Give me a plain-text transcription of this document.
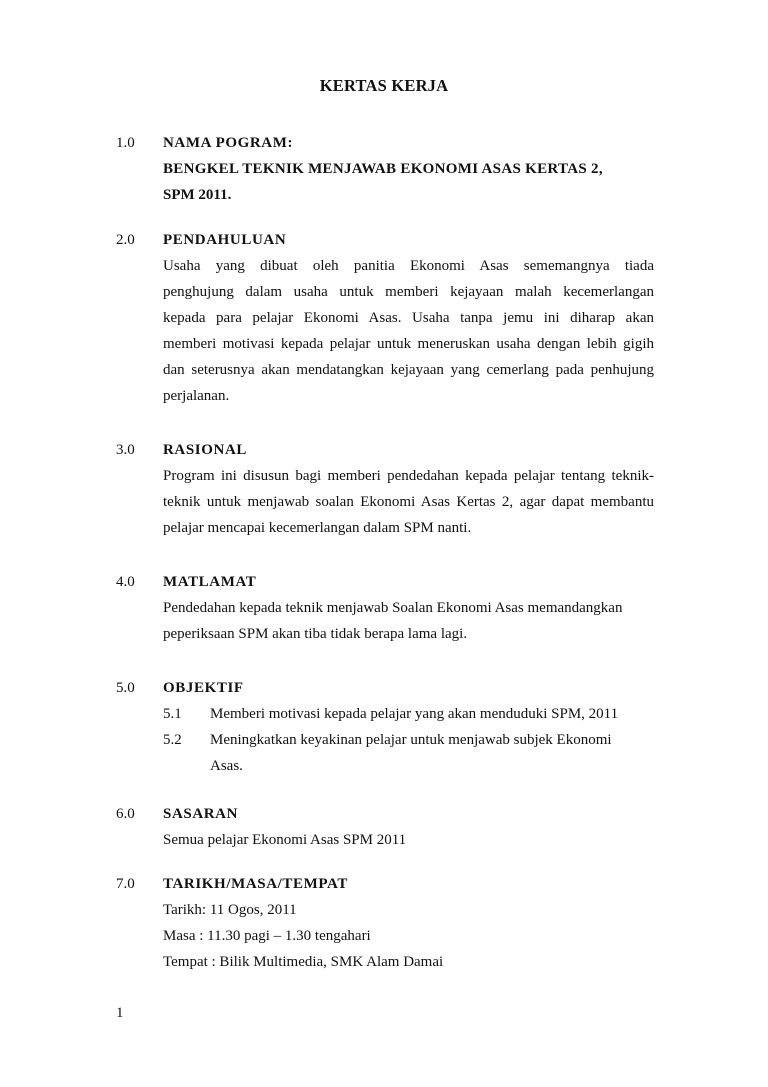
KERTAS KERJA
1.0	NAMA POGRAM:
BENGKEL TEKNIK MENJAWAB EKONOMI ASAS KERTAS 2,
SPM 2011.
2.0	PENDAHULUAN
Usaha yang dibuat oleh panitia Ekonomi Asas sememangnya tiada
penghujung dalam usaha untuk memberi kejayaan malah kecemerlangan
kepada para pelajar Ekonomi Asas. Usaha tanpa jemu ini diharap akan
memberi motivasi kepada pelajar untuk meneruskan usaha dengan lebih gigih
dan seterusnya akan mendatangkan kejayaan yang cemerlang pada penhujung
perjalanan.
3.0	RASIONAL
Program ini disusun bagi memberi pendedahan kepada pelajar tentang teknik-
teknik untuk menjawab soalan Ekonomi Asas Kertas 2, agar dapat membantu
pelajar mencapai kecemerlangan dalam SPM nanti.
4.0	MATLAMAT
Pendedahan kepada teknik menjawab Soalan Ekonomi Asas memandangkan
peperiksaan SPM akan tiba tidak berapa lama lagi.
5.0	OBJEKTIF
5.1	Memberi motivasi kepada pelajar yang akan menduduki SPM, 2011
5.2	Meningkatkan keyakinan pelajar untuk menjawab subjek Ekonomi
Asas.
6.0	SASARAN
Semua pelajar Ekonomi Asas SPM 2011
7.0	TARIKH/MASA/TEMPAT
Tarikh: 11 Ogos, 2011
Masa : 11.30 pagi – 1.30 tengahari
Tempat : Bilik Multimedia, SMK Alam Damai
1
